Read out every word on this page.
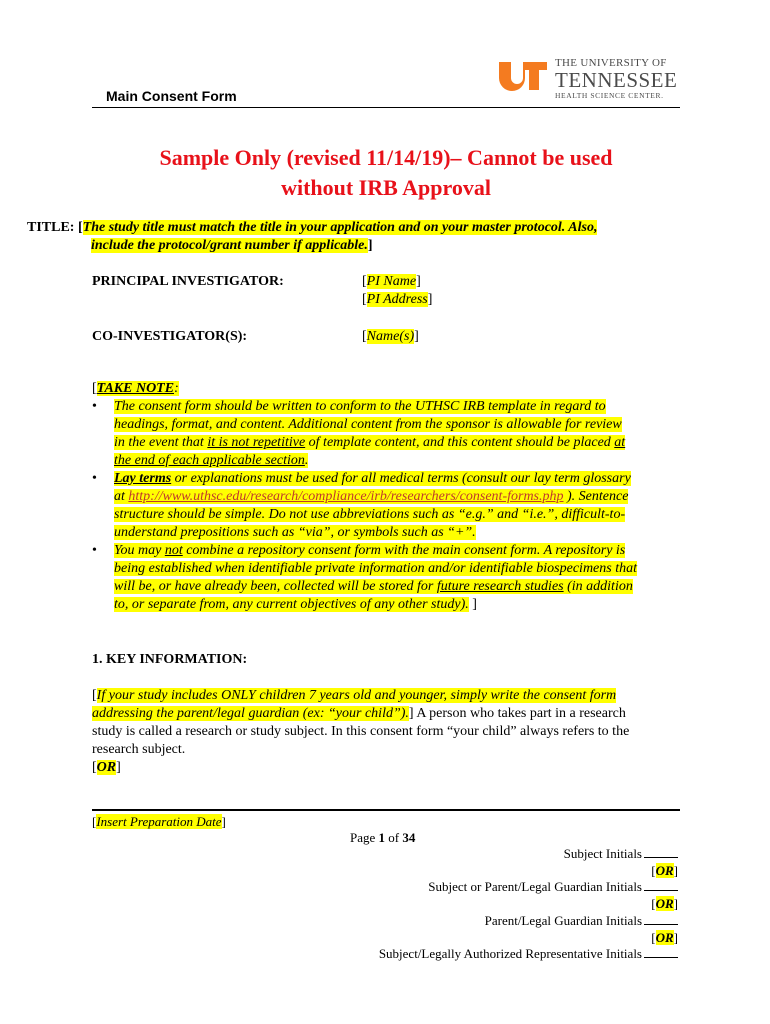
THE UNIVERSITY OF
TENNESSEE
HEALTH SCIENCE CENTER.
Main Consent Form
Sample Only (revised 11/14/19)– Cannot be used
without IRB Approval
TITLE: [The study title must match the title in your application and on your master protocol. Also,
include the protocol/grant number if applicable.]
PRINCIPAL INVESTIGATOR:	[PI Name]
[PI Address]
CO-INVESTIGATOR(S):	[Name(s)]
[TAKE NOTE:
• The consent form should be written to conform to the UTHSC IRB template in regard to
headings, format, and content. Additional content from the sponsor is allowable for review
in the event that it is not repetitive of template content, and this content should be placed at
the end of each applicable section.
• Lay terms or explanations must be used for all medical terms (consult our lay term glossary
at http://www.uthsc.edu/research/compliance/irb/researchers/consent-forms.php ). Sentence
structure should be simple. Do not use abbreviations such as “e.g.” and “i.e.”, difficult-to-
understand prepositions such as “via”, or symbols such as “+”.
• You may not combine a repository consent form with the main consent form. A repository is
being established when identifiable private information and/or identifiable biospecimens that
will be, or have already been, collected will be stored for future research studies (in addition
to, or separate from, any current objectives of any other study). ]
1. KEY INFORMATION:
[If your study includes ONLY children 7 years old and younger, simply write the consent form
addressing the parent/legal guardian (ex: “your child”).] A person who takes part in a research
study is called a research or study subject. In this consent form “your child” always refers to the
research subject.
[OR]
[Insert Preparation Date]
Page 1 of 34
Subject Initials
[OR]
Subject or Parent/Legal Guardian Initials
[OR]
Parent/Legal Guardian Initials
[OR]
Subject/Legally Authorized Representative Initials
